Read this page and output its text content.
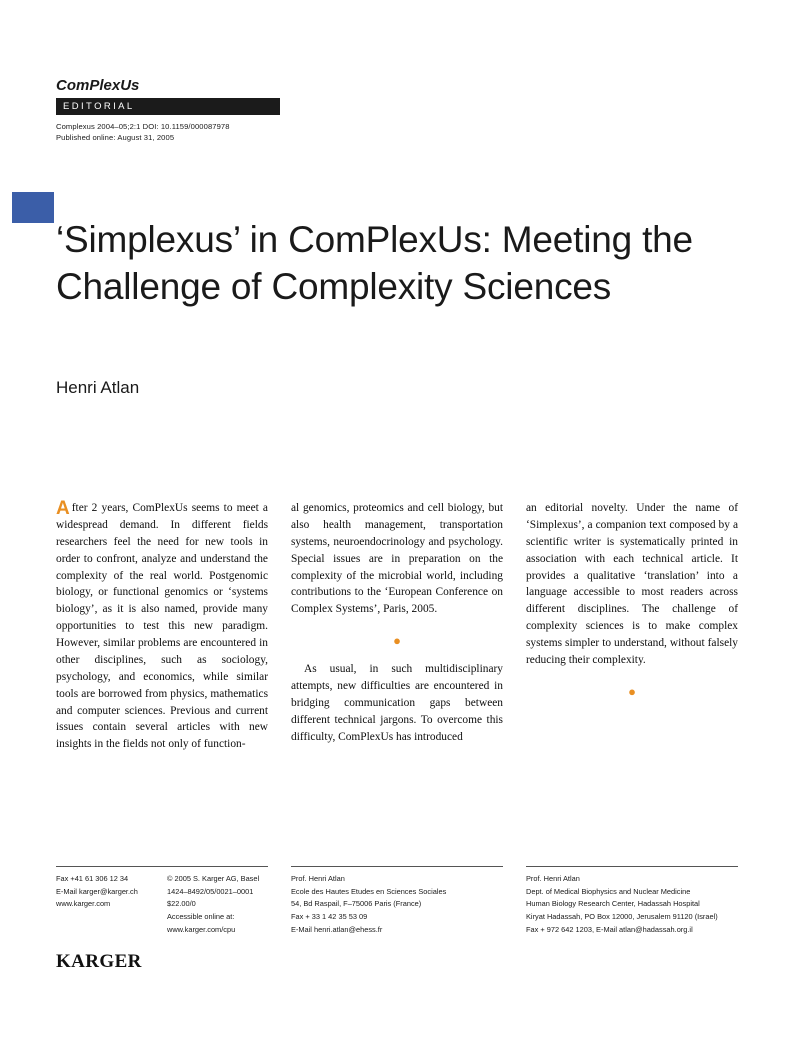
ComPlexUs
EDITORIAL
Complexus 2004–05;2:1 DOI: 10.1159/000087978
Published online: August 31, 2005
‘Simplexus’ in ComPlexUs: Meeting the Challenge of Complexity Sciences
Henri Atlan

After 2 years, ComPlexUs seems to meet a widespread demand. In different fields researchers feel the need for new tools in order to confront, analyze and understand the complexity of the real world. Postgenomic biology, or functional genomics or ‘systems biology’, as it is also named, provide many opportunities to test this new paradigm. However, similar problems are encountered in other disciplines, such as sociology, psychology, and economics, while similar tools are borrowed from physics, mathematics and computer sciences. Previous and current issues contain several articles with new insights in the fields not only of function-

al genomics, proteomics and cell biology, but also health management, transportation systems, neuroendocrinology and psychology. Special issues are in preparation on the complexity of the microbial world, including contributions to the ‘European Conference on Complex Systems’, Paris, 2005.

●

As usual, in such multidisciplinary attempts, new difficulties are encountered in bridging communication gaps between different technical jargons. To overcome this difficulty, ComPlexUs has introduced

an editorial novelty. Under the name of ‘Simplexus’, a companion text composed by a scientific writer is systematically printed in association with each technical article. It provides a qualitative ‘translation’ into a language accessible to most readers across different disciplines. The challenge of complexity sciences is to make complex systems simpler to understand, without falsely reducing their complexity.

●
Fax +41 61 306 12 34
E-Mail karger@karger.ch
www.karger.com
© 2005 S. Karger AG, Basel
1424–8492/05/0021–0001
$22.00/0
Accessible online at:
www.karger.com/cpu
KARGER
Prof. Henri Atlan
Ecole des Hautes Etudes en Sciences Sociales
54, Bd Raspail, F–75006 Paris (France)
Fax + 33 1 42 35 53 09
E-Mail henri.atlan@ehess.fr
Prof. Henri Atlan
Dept. of Medical Biophysics and Nuclear Medicine
Human Biology Research Center, Hadassah Hospital
Kiryat Hadassah, PO Box 12000, Jerusalem 91120 (Israel)
Fax + 972 642 1203, E-Mail atlan@hadassah.org.il
